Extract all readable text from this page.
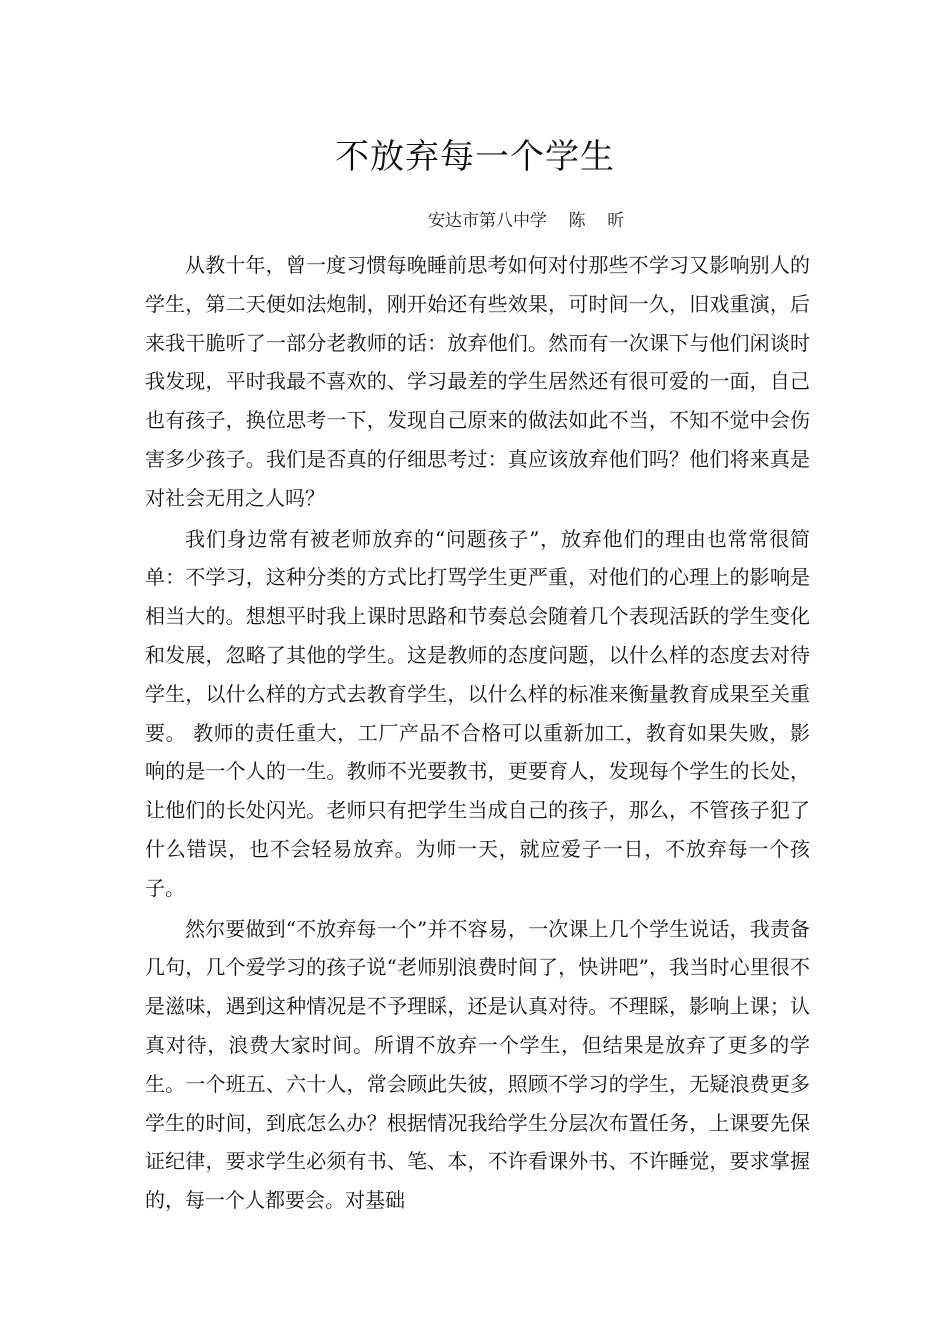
不放弃每一个学生
安达市第八中学    陈    昕

从教十年，曾一度习惯每晚睡前思考如何对付那些不学习又影响别人的学生，第二天便如法炮制，刚开始还有些效果，可时间一久，旧戏重演，后来我干脆听了一部分老教师的话：放弃他们。然而有一次课下与他们闲谈时我发现，平时我最不喜欢的、学习最差的学生居然还有很可爱的一面，自己也有孩子，换位思考一下，发现自己原来的做法如此不当，不知不觉中会伤害多少孩子。我们是否真的仔细思考过：真应该放弃他们吗？他们将来真是对社会无用之人吗？

我们身边常有被老师放弃的“问题孩子”，放弃他们的理由也常常很简单：不学习，这种分类的方式比打骂学生更严重，对他们的心理上的影响是相当大的。想想平时我上课时思路和节奏总会随着几个表现活跃的学生变化和发展，忽略了其他的学生。这是教师的态度问题，以什么样的态度去对待学生，以什么样的方式去教育学生，以什么样的标准来衡量教育成果至关重要。 教师的责任重大，工厂产品不合格可以重新加工，教育如果失败，影响的是一个人的一生。教师不光要教书，更要育人，发现每个学生的长处，让他们的长处闪光。老师只有把学生当成自己的孩子，那么，不管孩子犯了什么错误，也不会轻易放弃。为师一天，就应爱子一日，不放弃每一个孩子。

然尔要做到“不放弃每一个”并不容易，一次课上几个学生说话，我责备几句，几个爱学习的孩子说“老师别浪费时间了，快讲吧”，我当时心里很不是滋味，遇到这种情况是不予理睬，还是认真对待。不理睬，影响上课；认真对待，浪费大家时间。所谓不放弃一个学生，但结果是放弃了更多的学生。一个班五、六十人，常会顾此失彼，照顾不学习的学生，无疑浪费更多学生的时间，到底怎么办？根据情况我给学生分层次布置任务，上课要先保证纪律，要求学生必须有书、笔、本，不许看课外书、不许睡觉，要求掌握的，每一个人都要会。对基础
